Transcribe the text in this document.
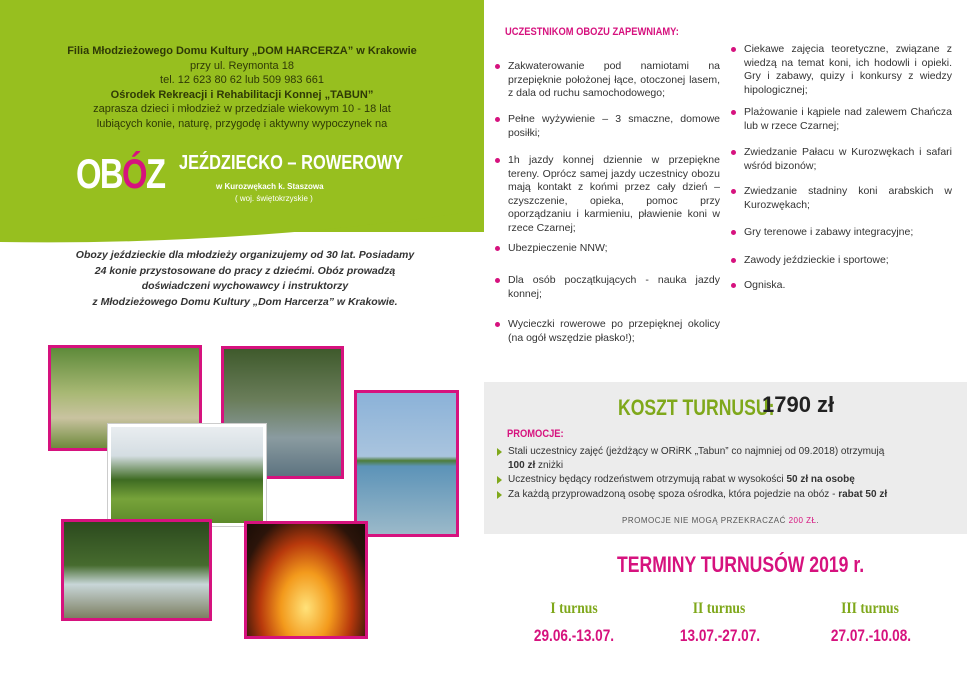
Filia Młodzieżowego Domu Kultury „DOM HARCERZA” w Krakowie
przy ul. Reymonta 18
tel. 12 623 80 62 lub 509 983 661
Ośrodek Rekreacji i Rehabilitacji Konnej „TABUN”
zaprasza dzieci i młodzież w przedziale wiekowym 10 - 18 lat
lubiących konie, naturę, przygodę i aktywny wypoczynek na
OBÓZ JEŹDZIECKO – ROWEROWY
w Kurozwękach k. Staszowa
( woj. świętokrzyskie )
Obozy jeździeckie dla młodzieży organizujemy od 30 lat. Posiadamy
24 konie przystosowane do pracy z dziećmi. Obóz prowadzą
doświadczeni wychowawcy i instruktorzy
z Młodzieżowego Domu Kultury „Dom Harcerza” w Krakowie.
UCZESTNIKOM OBOZU ZAPEWNIAMY:
Zakwaterowanie pod namiotami na przepięknie położonej łące, otoczonej lasem, z dala od ruchu samochodowego;
Pełne wyżywienie – 3 smaczne, domowe posiłki;
1h jazdy konnej dziennie w przepiękne tereny. Oprócz samej jazdy uczestnicy obozu mają kontakt z końmi przez cały dzień – czyszczenie, opieka, pomoc przy oporządzaniu i karmieniu, pławienie koni w rzece Czarnej;
Ubezpieczenie NNW;
Dla osób początkujących - nauka jazdy konnej;
Wycieczki rowerowe po przepięknej okolicy (na ogół wszędzie płasko!);
Ciekawe zajęcia teoretyczne, związane z wiedzą na temat koni, ich hodowli i opieki. Gry i zabawy, quizy i konkursy z wiedzy hipologicznej;
Plażowanie i kąpiele nad zalewem Chańcza lub w rzece Czarnej;
Zwiedzanie Pałacu w Kurozwękach i safari wśród bizonów;
Zwiedzanie stadniny koni arabskich w Kurozwękach;
Gry terenowe i zabawy integracyjne;
Zawody jeździeckie i sportowe;
Ogniska.
KOSZT TURNUSU:
1790 zł
PROMOCJE:
Stali uczestnicy zajęć (jeżdżący w ORiRK „Tabun” co najmniej od 09.2018) otrzymują
100 zł zniżki
Uczestnicy będący rodzeństwem otrzymują rabat w wysokości 50 zł na osobę
Za każdą przyprowadzoną osobę spoza ośrodka, która pojedzie na obóz - rabat 50 zł
PROMOCJE NIE MOGĄ PRZEKRACZAĆ 200 ZŁ.
TERMINY TURNUSÓW 2019 r.
I turnus	II turnus	III turnus
29.06.-13.07.	13.07.-27.07.	27.07.-10.08.
